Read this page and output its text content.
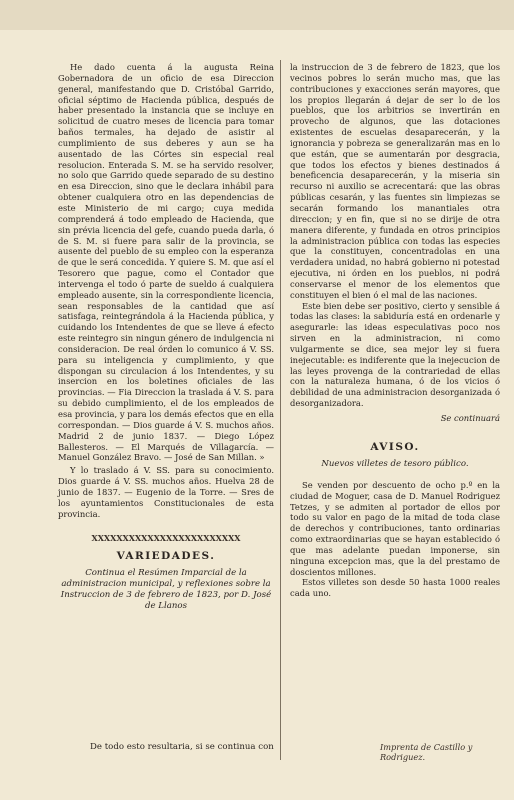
He dado cuenta á la augusta Reina Gobernadora de un oficio de esa Direccion general, manifestando que D. Cristóbal Garrido, oficial séptimo de Hacienda pública, después de haber presentado la instancia que se incluye en solicitud de cuatro meses de licencia para tomar baños termales, ha dejado de asistir al cumplimiento de sus deberes y aun se ha ausentado de las Córtes sin especial real resolucion. Enterada S. M. se ha servido resolver, no solo que Garrido quede separado de su destino en esa Direccion, sino que le declara inhábil para obtener cualquiera otro en las dependencias de este Ministerio de mi cargo; cuya medida comprenderá á todo empleado de Hacienda, que sin prévia licencia del gefe, cuando pueda darla, ó de S. M. si fuere para salir de la provincia, se ausente del pueblo de su empleo con la esperanza de que le será concedida. Y quiere S. M. que así el Tesorero que pague, como el Contador que intervenga el todo ó parte de sueldo á cualquiera empleado ausente, sin la correspondiente licencia, sean responsables de la cantidad que así satisfaga, reintegrándola á la Hacienda pública, y cuidando los Intendentes de que se lleve á efecto este reintegro sin ningun género de indulgencia ni consideracion. De real órden lo comunico á V. SS. para su inteligencia y cumplimiento, y que dispongan su circulacion á los Intendentes, y su insercion en los boletines oficiales de las provincias. — Fia Direccion la traslada á V. S. para su debido cumplimiento, el de los empleados de esa provincia, y para los demás efectos que en ella correspondan. — Dios guarde á V. S. muchos años. Madrid 2 de junio 1837. — Diego López Ballesteros. — El Marqués de Villagarcía. — Manuel González Bravo. — José de San Millan. »

Y lo traslado á V. SS. para su conocimiento. Dios guarde á V. SS. muchos años. Huelva 28 de junio de 1837. — Eugenio de la Torre. — Sres de los ayuntamientos Constitucionales de esta provincia.

XXXXXXXXXXXXXXXXXXXXXXXX
VARIEDADES.

Continua el Resúmen Imparcial de la administracion municipal, y reflexiones sobre la Instruccion de 3 de febrero de 1823, por D. José de Llanos

De todo esto resultaria, si se continua con

la instruccion de 3 de febrero de 1823, que los vecinos pobres lo serán mucho mas, que las contribuciones y exacciones serán mayores, que los propios llegarán á dejar de ser lo de los pueblos, que los arbitrios se invertirán en provecho de algunos, que las dotaciones existentes de escuelas desaparecerán, y la ignorancia y pobreza se generalizarán mas en lo que están, que se aumentarán por desgracia, que todos los efectos y bienes destinados á beneficencia desaparecerán, y la miseria sin recurso ni auxilio se acrecentará: que las obras públicas cesarán, y las fuentes sin limpiezas se secarán formando los manantiales otra direccion; y en fin, que si no se dirije de otra manera diferente, y fundada en otros principios la administracion pública con todas las especies que la constituyen, concentradolas en una verdadera unidad, no habrá gobierno ni potestad ejecutiva, ni órden en los pueblos, ni podrá conservarse el menor de los elementos que constituyen el bien ó el mal de las naciones.

Este bien debe ser positivo, cierto y sensible á todas las clases: la sabiduría está en ordenarle y asegurarle: las ideas especulativas poco nos sirven en la administracion, ni como vulgarmente se dice, sea mejor ley si fuera inejecutable: es indiferente que la inejecucion de las leyes provenga de la contrariedad de ellas con la naturaleza humana, ó de los vicios ó debilidad de una administracion desorganizada ó desorganizadora.

Se continuará
AVISO.

Nuevos villetes de tesoro público.

Se venden por descuento de ocho p.º en la ciudad de Moguer, casa de D. Manuel Rodriguez Tetzes, y se admiten al portador de ellos por todo su valor en pago de la mitad de toda clase de derechos y contribuciones, tanto ordinarias como extraordinarias que se hayan establecido ó que mas adelante puedan imponerse, sin ninguna excepcion mas, que la del prestamo de doscientos millones.

Estos villetes son desde 50 hasta 1000 reales cada uno.

Imprenta de Castillo y Rodriguez.
